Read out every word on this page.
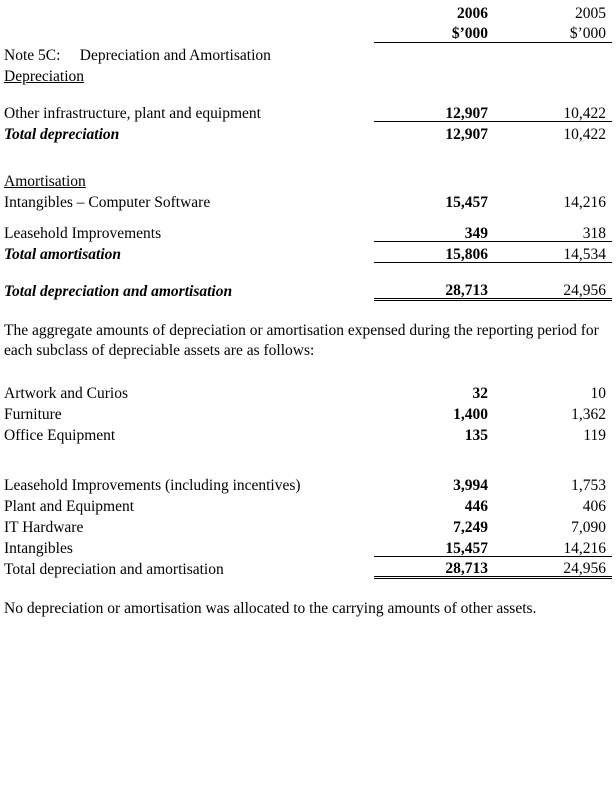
	2006	2005
	$’000	$’000
Note 5C:  Depreciation and Amortisation		
Depreciation		

Other infrastructure, plant and equipment	12,907	10,422
Total depreciation	12,907	10,422

Amortisation		
Intangibles – Computer Software	15,457	14,216

Leasehold Improvements	349	318
Total amortisation	15,806	14,534

Total depreciation and amortisation	28,713	24,956

The aggregate amounts of depreciation or amortisation expensed during the reporting period for each subclass of depreciable assets are as follows:

Artwork and Curios	32	10
Furniture	1,400	1,362
Office Equipment	135	119

Leasehold Improvements (including incentives)	3,994	1,753
Plant and Equipment	446	406
IT Hardware	7,249	7,090
Intangibles	15,457	14,216
Total depreciation and amortisation	28,713	24,956

No depreciation or amortisation was allocated to the carrying amounts of other assets.
